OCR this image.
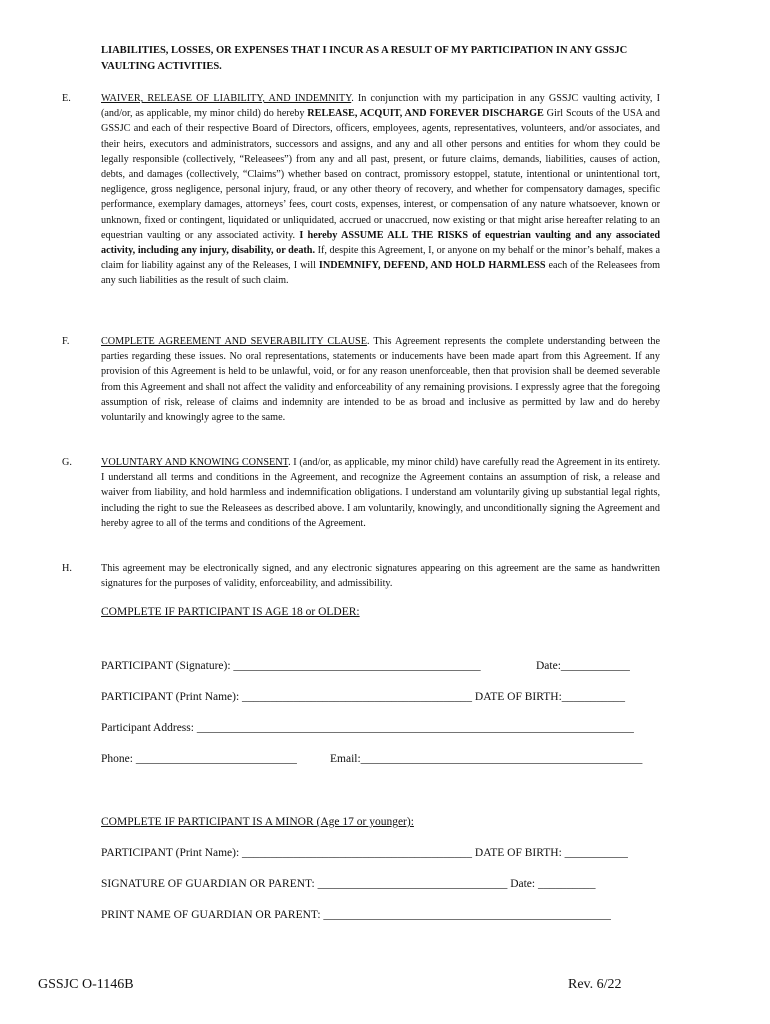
LIABILITIES, LOSSES, OR EXPENSES THAT I INCUR AS A RESULT OF MY PARTICIPATION IN ANY GSSJC VAULTING ACTIVITIES.
E.	WAIVER, RELEASE OF LIABILITY, AND INDEMNITY. In conjunction with my participation in any GSSJC vaulting activity, I (and/or, as applicable, my minor child) do hereby RELEASE, ACQUIT, AND FOREVER DISCHARGE Girl Scouts of the USA and GSSJC and each of their respective Board of Directors, officers, employees, agents, representatives, volunteers, and/or associates, and their heirs, executors and administrators, successors and assigns, and any and all other persons and entities for whom they could be legally responsible (collectively, “Releasees”) from any and all past, present, or future claims, demands, liabilities, causes of action, debts, and damages (collectively, “Claims”) whether based on contract, promissory estoppel, statute, intentional or unintentional tort, negligence, gross negligence, personal injury, fraud, or any other theory of recovery, and whether for compensatory damages, specific performance, exemplary damages, attorneys’ fees, court costs, expenses, interest, or compensation of any nature whatsoever, known or unknown, fixed or contingent, liquidated or unliquidated, accrued or unaccrued, now existing or that might arise hereafter relating to an equestrian vaulting or any associated activity. I hereby ASSUME ALL THE RISKS of equestrian vaulting and any associated activity, including any injury, disability, or death. If, despite this Agreement, I, or anyone on my behalf or the minor’s behalf, makes a claim for liability against any of the Releases, I will INDEMNIFY, DEFEND, AND HOLD HARMLESS each of the Releasees from any such liabilities as the result of such claim.
F.	COMPLETE AGREEMENT AND SEVERABILITY CLAUSE. This Agreement represents the complete understanding between the parties regarding these issues. No oral representations, statements or inducements have been made apart from this Agreement. If any provision of this Agreement is held to be unlawful, void, or for any reason unenforceable, then that provision shall be deemed severable from this Agreement and shall not affect the validity and enforceability of any remaining provisions. I expressly agree that the foregoing assumption of risk, release of claims and indemnity are intended to be as broad and inclusive as permitted by law and do hereby voluntarily and knowingly agree to the same.
G.	VOLUNTARY AND KNOWING CONSENT. I (and/or, as applicable, my minor child) have carefully read the Agreement in its entirety. I understand all terms and conditions in the Agreement, and recognize the Agreement contains an assumption of risk, a release and waiver from liability, and hold harmless and indemnification obligations. I understand am voluntarily giving up substantial legal rights, including the right to sue the Releasees as described above. I am voluntarily, knowingly, and unconditionally signing the Agreement and hereby agree to all of the terms and conditions of the Agreement.
H.	This agreement may be electronically signed, and any electronic signatures appearing on this agreement are the same as handwritten signatures for the purposes of validity, enforceability, and admissibility.
COMPLETE IF PARTICIPANT IS AGE 18 or OLDER:
PARTICIPANT (Signature): ___________________________________________	Date:____________
PARTICIPANT (Print Name): ________________________________________ DATE OF BIRTH:___________
Participant Address: ____________________________________________________________________________
Phone: ____________________________	Email:_________________________________________________
COMPLETE IF PARTICIPANT IS A MINOR (Age 17 or younger):
PARTICIPANT (Print Name): ________________________________________ DATE OF BIRTH: ___________
SIGNATURE OF GUARDIAN OR PARENT: _________________________________ Date: __________
PRINT NAME OF GUARDIAN OR PARENT: __________________________________________________
GSSJC O-1146B	Rev. 6/22
